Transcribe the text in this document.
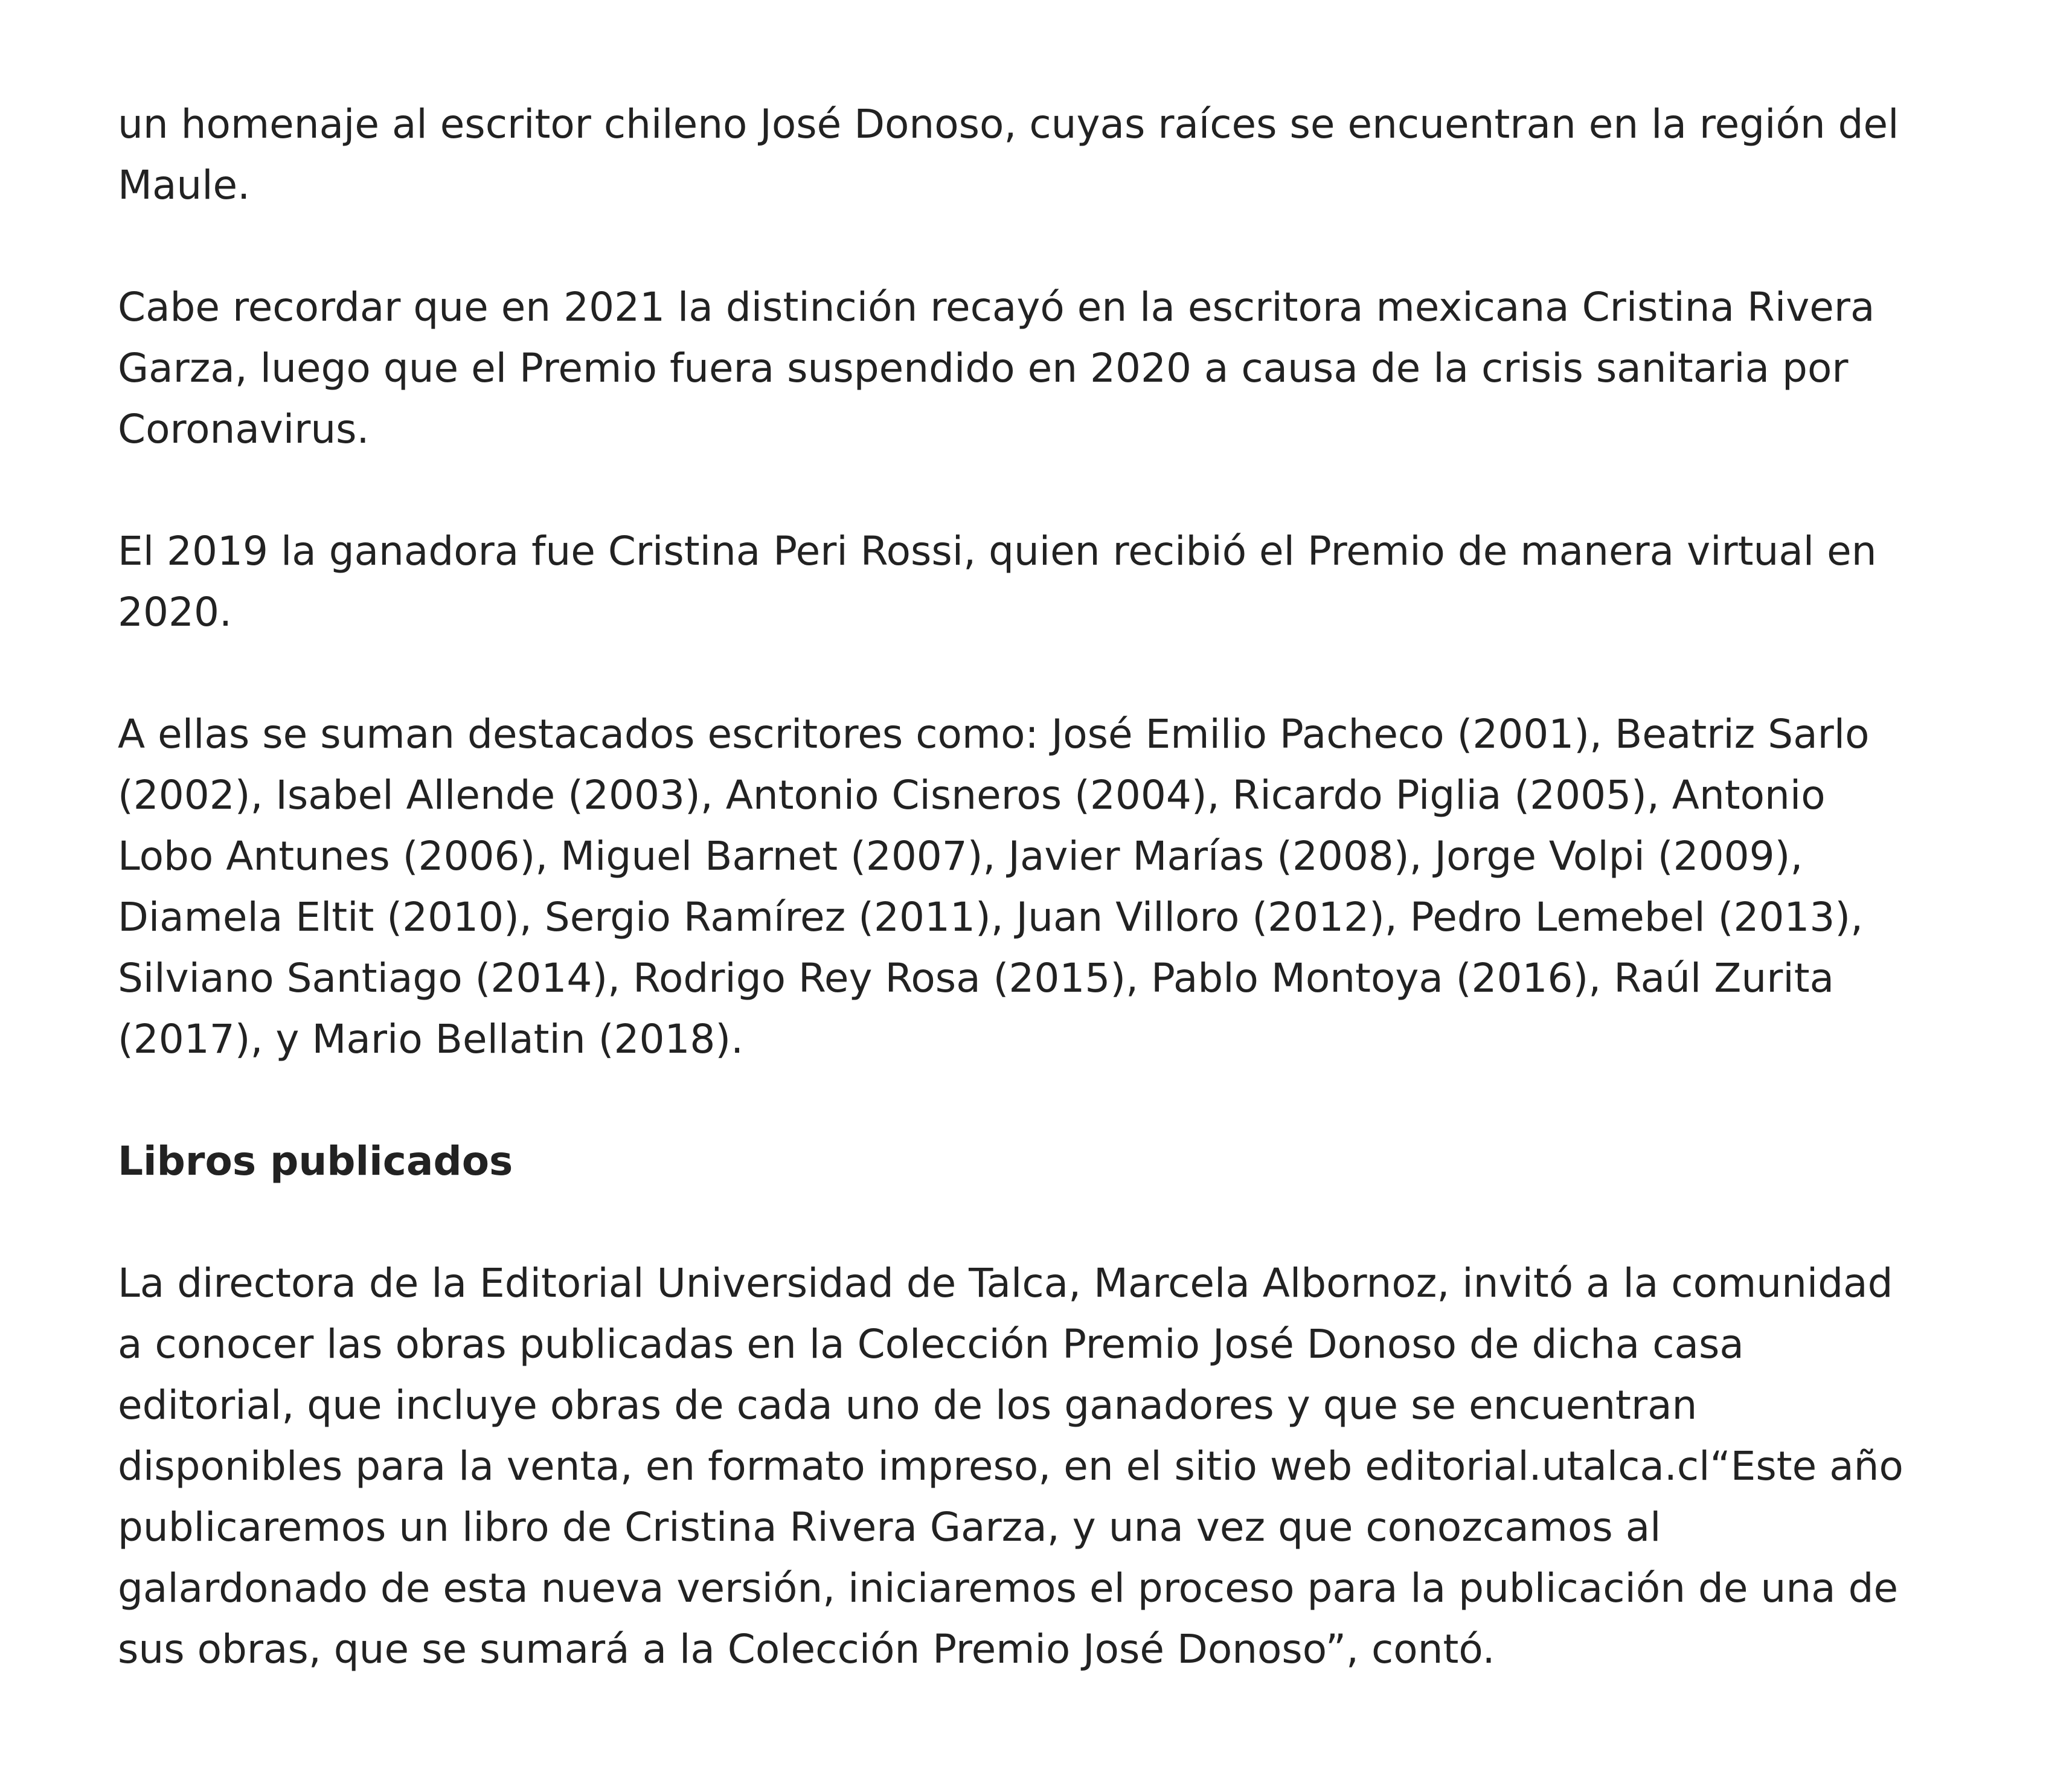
un homenaje al escritor chileno José Donoso, cuyas raíces se encuentran en la región del
Maule.
Cabe recordar que en 2021 la distinción recayó en la escritora mexicana Cristina Rivera
Garza, luego que el Premio fuera suspendido en 2020 a causa de la crisis sanitaria por
Coronavirus.
El 2019 la ganadora fue Cristina Peri Rossi, quien recibió el Premio de manera virtual en
2020.
A ellas se suman destacados escritores como: José Emilio Pacheco (2001), Beatriz Sarlo
(2002), Isabel Allende (2003), Antonio Cisneros (2004), Ricardo Piglia (2005), Antonio
Lobo Antunes (2006), Miguel Barnet (2007), Javier Marías (2008), Jorge Volpi (2009),
Diamela Eltit (2010), Sergio Ramírez (2011), Juan Villoro (2012), Pedro Lemebel (2013),
Silviano Santiago (2014), Rodrigo Rey Rosa (2015), Pablo Montoya (2016), Raúl Zurita
(2017), y Mario Bellatin (2018).
Libros publicados
La directora de la Editorial Universidad de Talca, Marcela Albornoz, invitó a la comunidad
a conocer las obras publicadas en la Colección Premio José Donoso de dicha casa
editorial, que incluye obras de cada uno de los ganadores y que se encuentran
disponibles para la venta, en formato impreso, en el sitio web editorial.utalca.cl“Este año
publicaremos un libro de Cristina Rivera Garza, y una vez que conozcamos al
galardonado de esta nueva versión, iniciaremos el proceso para la publicación de una de
sus obras, que se sumará a la Colección Premio José Donoso”, contó.
